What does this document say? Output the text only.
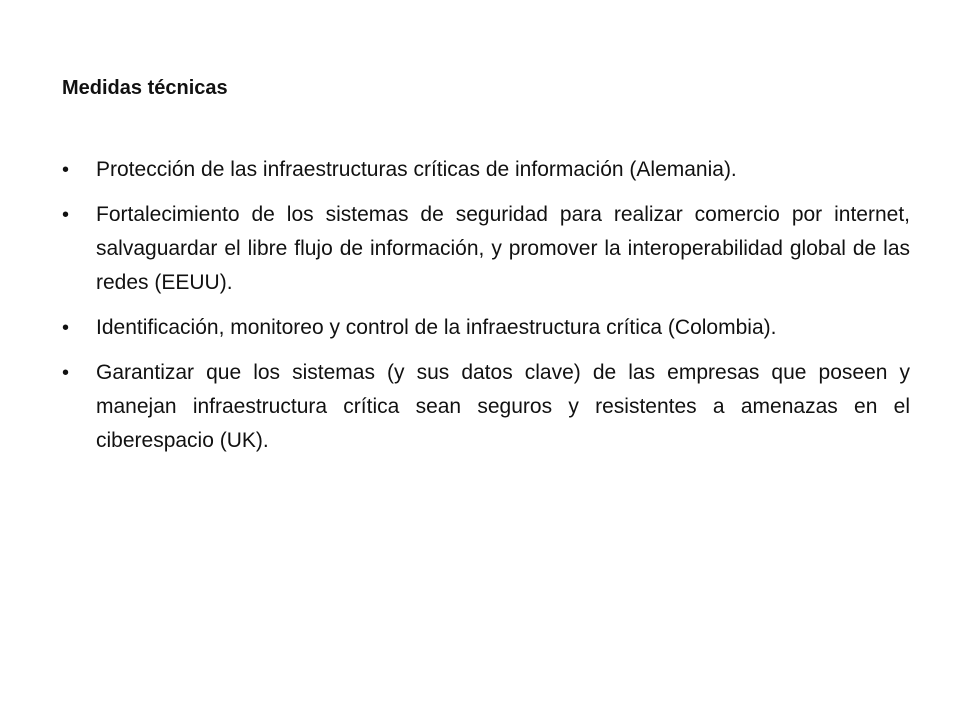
Medidas técnicas
• Protección de las infraestructuras críticas de información (Alemania).
• Fortalecimiento de los sistemas de seguridad para realizar comercio por internet, salvaguardar el libre flujo de información, y promover la interoperabilidad global de las redes (EEUU).
• Identificación, monitoreo y control de la infraestructura crítica (Colombia).
• Garantizar que los sistemas (y sus datos clave) de las empresas que poseen y manejan infraestructura crítica sean seguros y resistentes a amenazas en el ciberespacio (UK).
